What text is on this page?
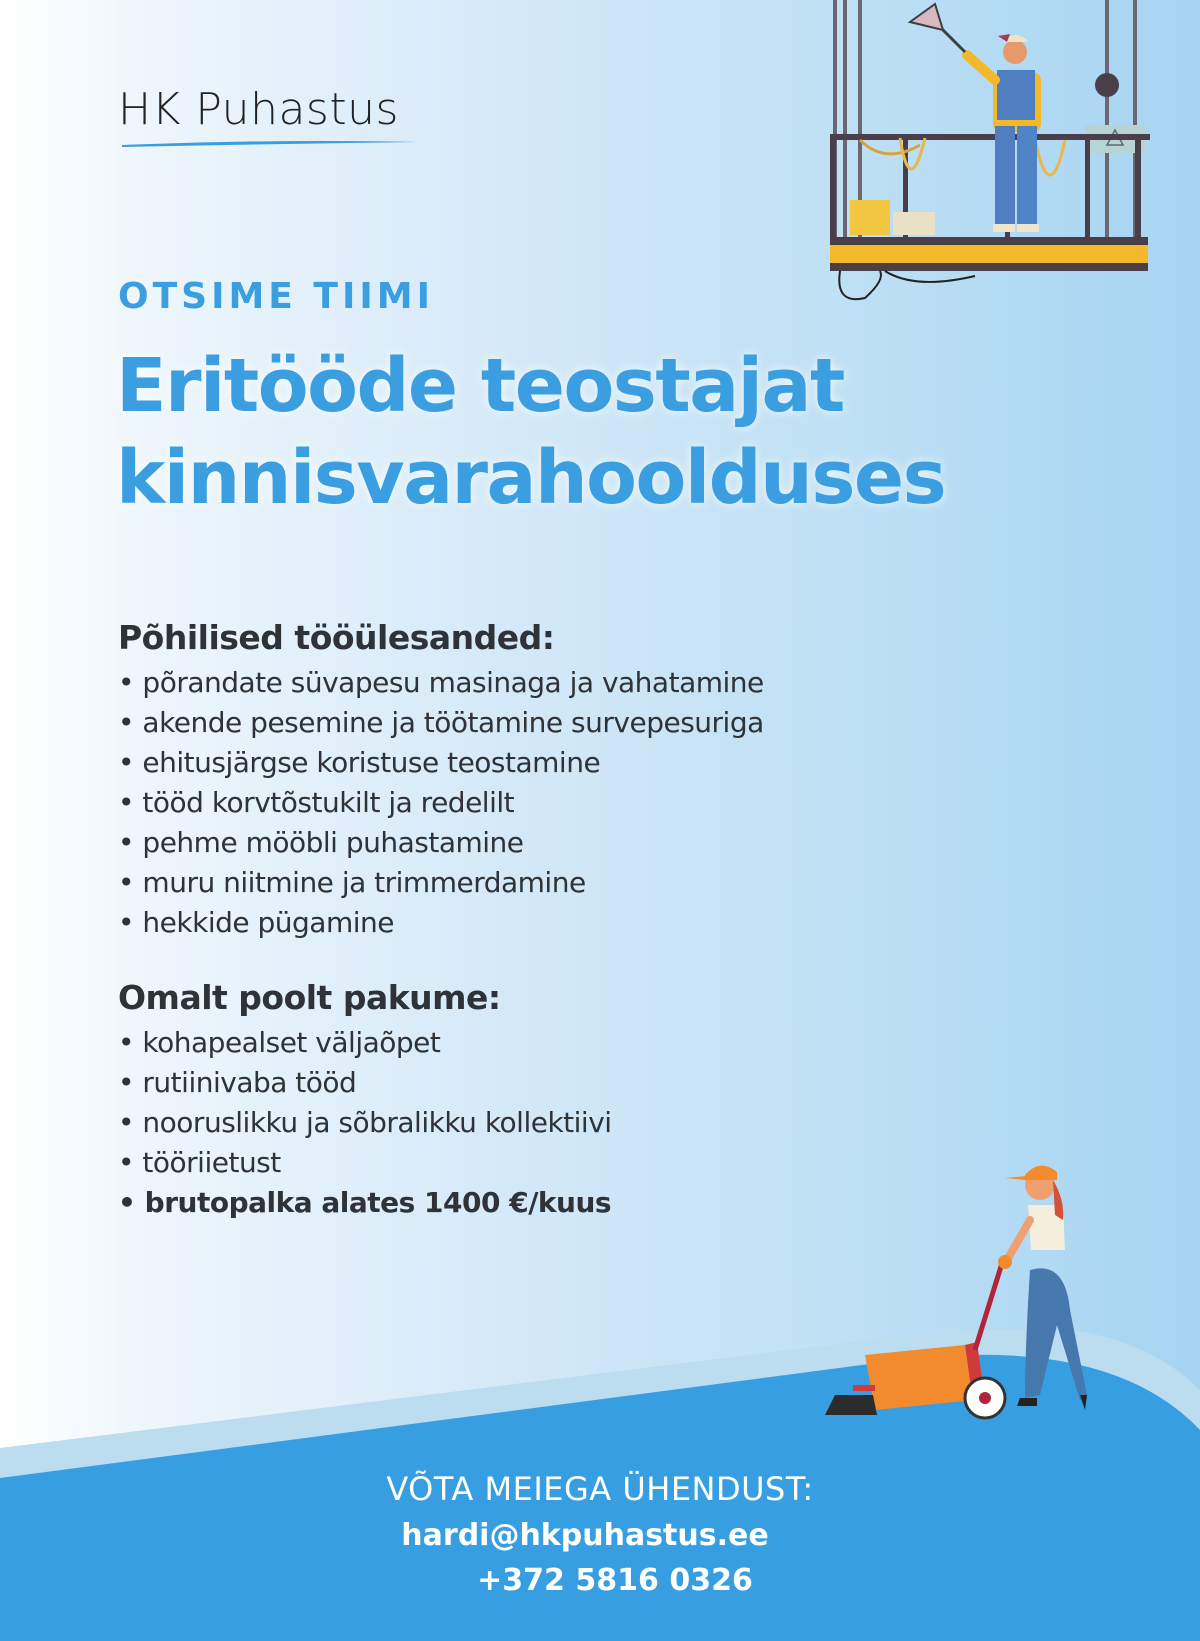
HK Puhastus
OTSIME TIIMI
Eritööde teostajat
kinnisvarahoolduses
Põhilised tööülesanded:
• põrandate süvapesu masinaga ja vahatamine
• akende pesemine ja töötamine survepesuriga
• ehitusjärgse koristuse teostamine
• tööd korvtõstukilt ja redelilt
• pehme mööbli puhastamine
• muru niitmine ja trimmerdamine
• hekkide pügamine
Omalt poolt pakume:
• kohapealset väljaõpet
• rutiinivaba tööd
• nooruslikku ja sõbralikku kollektiivi
• tööriietust
• brutopalka alates 1400 €/kuus
VÕTA MEIEGA ÜHENDUST:
hardi@hkpuhastus.ee
+372 5816 0326
